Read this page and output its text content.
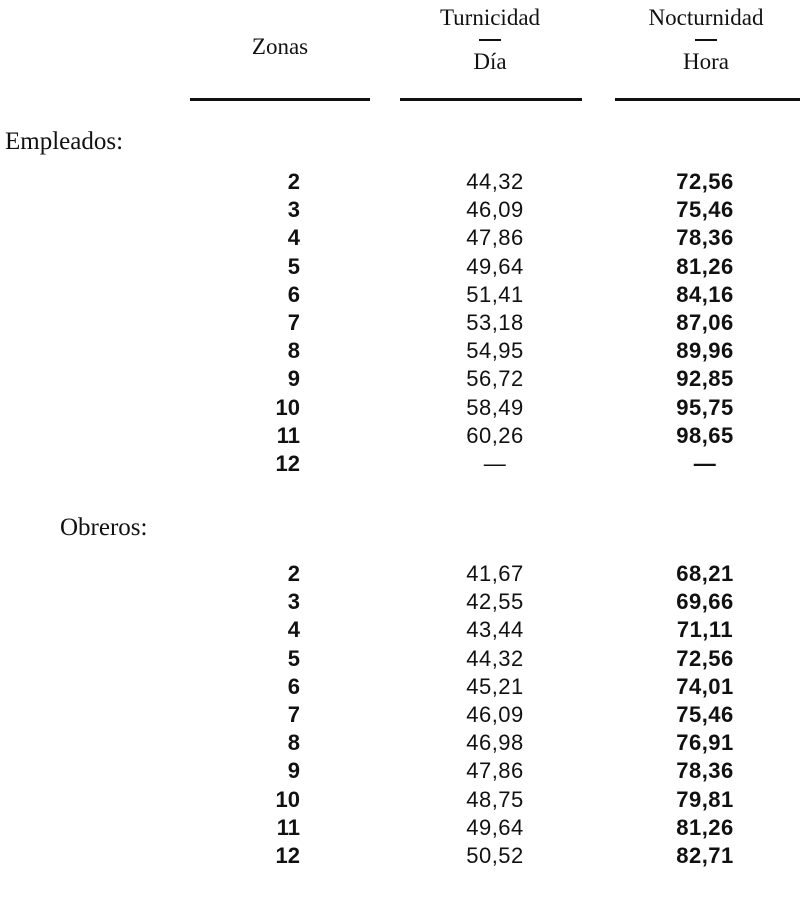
Zonas
Turnicidad
Día
Nocturnidad
Hora
Empleados:
2	44,32	72,56
3	46,09	75,46
4	47,86	78,36
5	49,64	81,26
6	51,41	84,16
7	53,18	87,06
8	54,95	89,96
9	56,72	92,85
10	58,49	95,75
11	60,26	98,65
12	—	—
Obreros:
2	41,67	68,21
3	42,55	69,66
4	43,44	71,11
5	44,32	72,56
6	45,21	74,01
7	46,09	75,46
8	46,98	76,91
9	47,86	78,36
10	48,75	79,81
11	49,64	81,26
12	50,52	82,71
